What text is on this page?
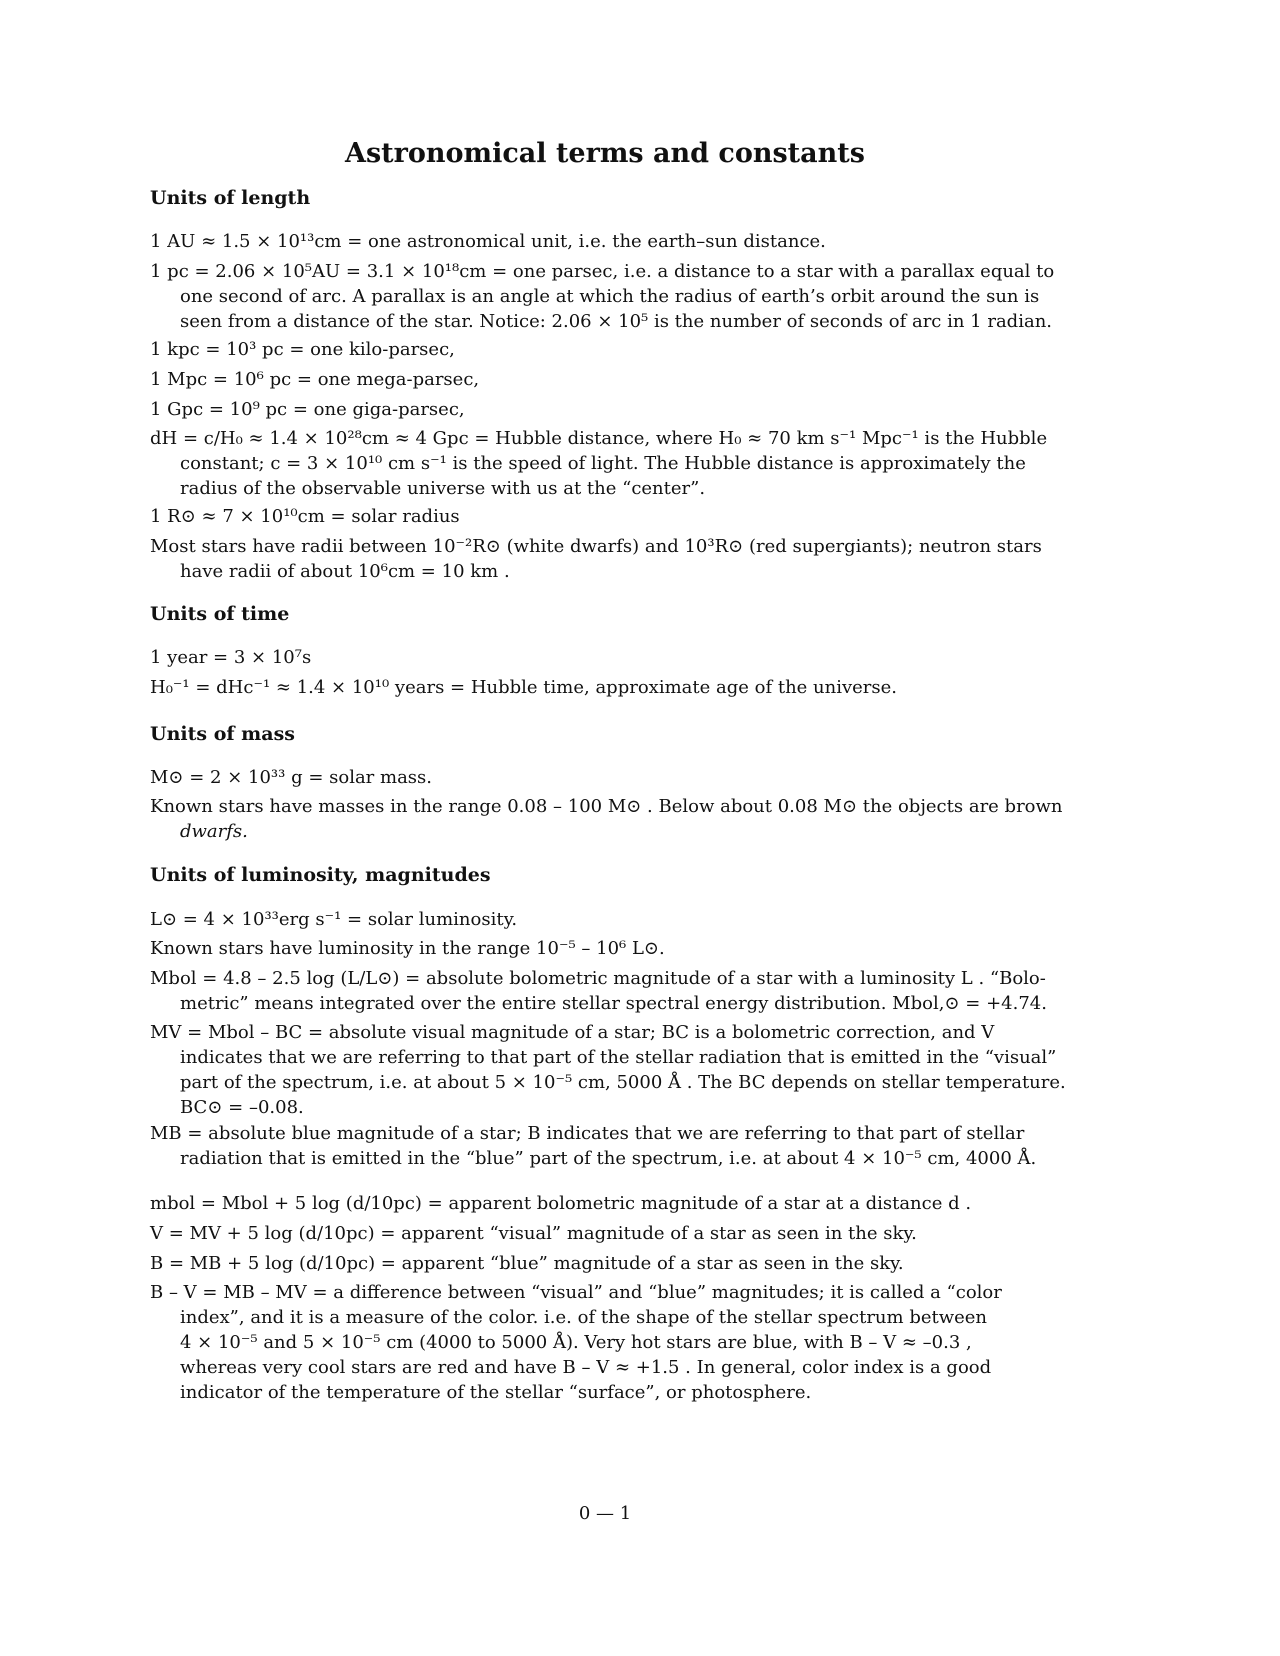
Astronomical terms and constants
Units of length

1 AU ≈ 1.5 × 10¹³cm = one astronomical unit, i.e. the earth–sun distance.

1 pc = 2.06 × 10⁵AU = 3.1 × 10¹⁸cm = one parsec, i.e. a distance to a star with a parallax equal to
one second of arc. A parallax is an angle at which the radius of earth’s orbit around the sun is
seen from a distance of the star. Notice: 2.06 × 10⁵ is the number of seconds of arc in 1 radian.

1 kpc = 10³ pc = one kilo-parsec,

1 Mpc = 10⁶ pc = one mega-parsec,

1 Gpc = 10⁹ pc = one giga-parsec,

dH = c/H₀ ≈ 1.4 × 10²⁸cm ≈ 4 Gpc = Hubble distance, where H₀ ≈ 70 km s⁻¹ Mpc⁻¹ is the Hubble
constant; c = 3 × 10¹⁰ cm s⁻¹ is the speed of light. The Hubble distance is approximately the
radius of the observable universe with us at the “center”.

1 R⊙ ≈ 7 × 10¹⁰cm = solar radius

Most stars have radii between 10⁻²R⊙ (white dwarfs) and 10³R⊙ (red supergiants); neutron stars
have radii of about 10⁶cm = 10 km .

Units of time

1 year = 3 × 10⁷s

H₀⁻¹ = dHc⁻¹ ≈ 1.4 × 10¹⁰ years = Hubble time, approximate age of the universe.

Units of mass

M⊙ = 2 × 10³³ g = solar mass.

Known stars have masses in the range 0.08 – 100 M⊙ . Below about 0.08 M⊙ the objects are brown
dwarfs.

Units of luminosity, magnitudes

L⊙ = 4 × 10³³erg s⁻¹ = solar luminosity.

Known stars have luminosity in the range 10⁻⁵ – 10⁶ L⊙.

Mbol = 4.8 – 2.5 log (L/L⊙) = absolute bolometric magnitude of a star with a luminosity L . “Bolo-
metric” means integrated over the entire stellar spectral energy distribution. Mbol,⊙ = +4.74.

MV = Mbol – BC = absolute visual magnitude of a star; BC is a bolometric correction, and V
indicates that we are referring to that part of the stellar radiation that is emitted in the “visual”
part of the spectrum, i.e. at about 5 × 10⁻⁵ cm, 5000 Å . The BC depends on stellar temperature.
BC⊙ = –0.08.

MB = absolute blue magnitude of a star; B indicates that we are referring to that part of stellar
radiation that is emitted in the “blue” part of the spectrum, i.e. at about 4 × 10⁻⁵ cm, 4000 Å.

mbol = Mbol + 5 log (d/10pc) = apparent bolometric magnitude of a star at a distance d .

V = MV + 5 log (d/10pc) = apparent “visual” magnitude of a star as seen in the sky.

B = MB + 5 log (d/10pc) = apparent “blue” magnitude of a star as seen in the sky.

B – V = MB – MV = a difference between “visual” and “blue” magnitudes; it is called a “color
index”, and it is a measure of the color. i.e. of the shape of the stellar spectrum between
4 × 10⁻⁵ and 5 × 10⁻⁵ cm (4000 to 5000 Å). Very hot stars are blue, with B – V ≈ –0.3 ,
whereas very cool stars are red and have B – V ≈ +1.5 . In general, color index is a good
indicator of the temperature of the stellar “surface”, or photosphere.

0 — 1
